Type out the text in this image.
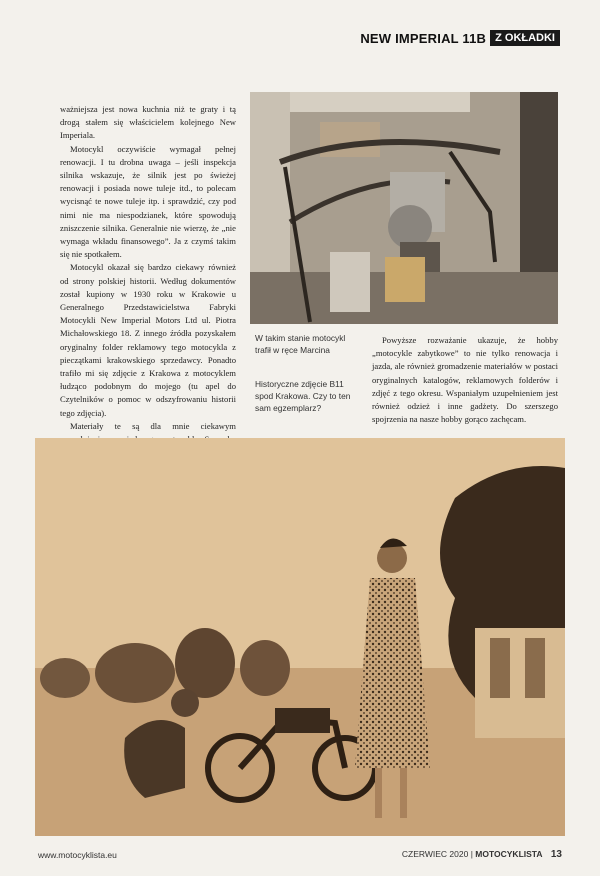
NEW IMPERIAL 11B Z OKŁADKI

ważniejsza jest nowa kuchnia niż te graty i tą drogą stałem się właścicielem kolejnego New Imperiala.

Motocykl oczywiście wymagał pełnej renowacji. I tu drobna uwaga – jeśli inspekcja silnika wskazuje, że silnik jest po świeżej renowacji i posiada nowe tuleje itd., to polecam wycisnąć te nowe tuleje itp. i sprawdzić, czy pod nimi nie ma niespodzianek, które spowodują zniszczenie silnika. Generalnie nie wierzę, że „nie wymaga wkładu finansowego”. Ja z czymś takim się nie spotkałem.

Motocykl okazał się bardzo ciekawy również od strony polskiej historii. Według dokumentów został kupiony w 1930 roku w Krakowie u Generalnego Przedstawicielstwa Fabryki Motocykli New Imperial Motors Ltd ul. Piotra Michałowskiego 18. Z innego źródła pozyskałem oryginalny folder reklamowy tego motocykla z pieczątkami krakowskiego sprzedawcy. Ponadto trafiło mi się zdjęcie z Krakowa z motocyklem łudząco podobnym do mojego (tu apel do Czytelników o pomoc w odszyfrowaniu historii tego zdjęcia).

Materiały te są dla mnie ciekawym

W takim stanie motocykl trafił w ręce Marcina
Historyczne zdjęcie B11 spod Krakowa. Czy to ten sam egzemplarz?

Powyższe rozważanie ukazuje, że hobby „motocykle zabytkowe” to nie tylko renowacja i jazda, ale również gromadzenie materiałów w postaci oryginalnych katalogów, reklamowych folderów i zdjęć z tego okresu. Wspaniałym uzupełnieniem jest również odzież i inne gadżety. Do szerszego spojrzenia na nasze hobby gorąco zachęcam.

www.motocyklista.eu	CZERWIEC 2020 | MOTOCYKLISTA 13
